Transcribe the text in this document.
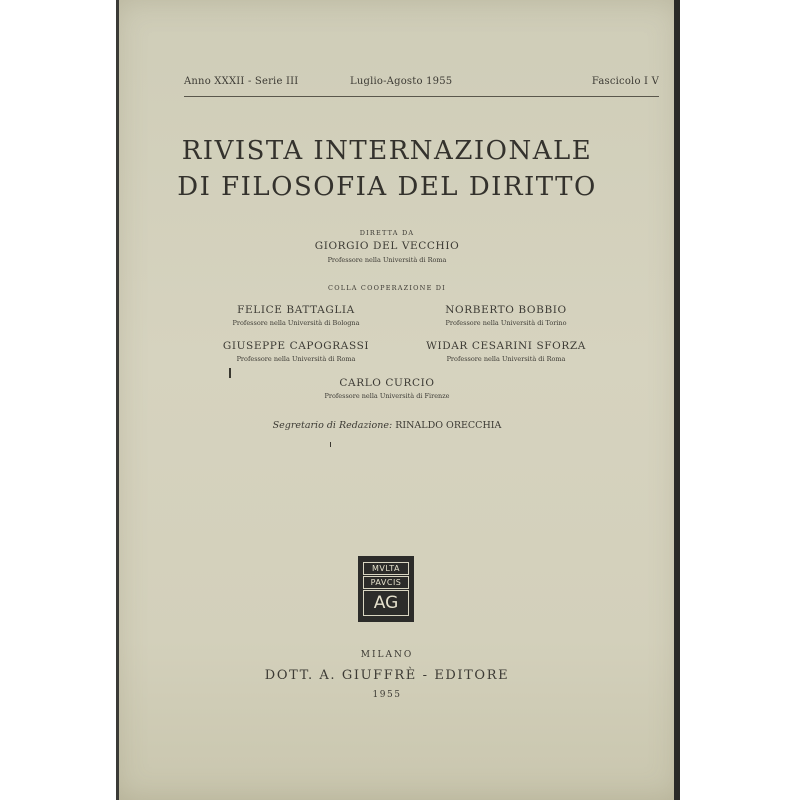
Anno XXXII - Serie III	Luglio-Agosto 1955	Fascicolo I V
RIVISTA INTERNAZIONALE
DI FILOSOFIA DEL DIRITTO
DIRETTA DA
GIORGIO DEL VECCHIO
Professore nella Università di Roma
COLLA COOPERAZIONE DI
FELICE BATTAGLIA
Professore nella Università di Bologna
NORBERTO BOBBIO
Professore nella Università di Torino
GIUSEPPE CAPOGRASSI
Professore nella Università di Roma
WIDAR CESARINI SFORZA
Professore nella Università di Roma
CARLO CURCIO
Professore nella Università di Firenze
Segretario di Redazione: RINALDO ORECCHIA
MVLTA
PAVCIS
AG
MILANO
DOTT. A. GIUFFRÈ - EDITORE
1955
